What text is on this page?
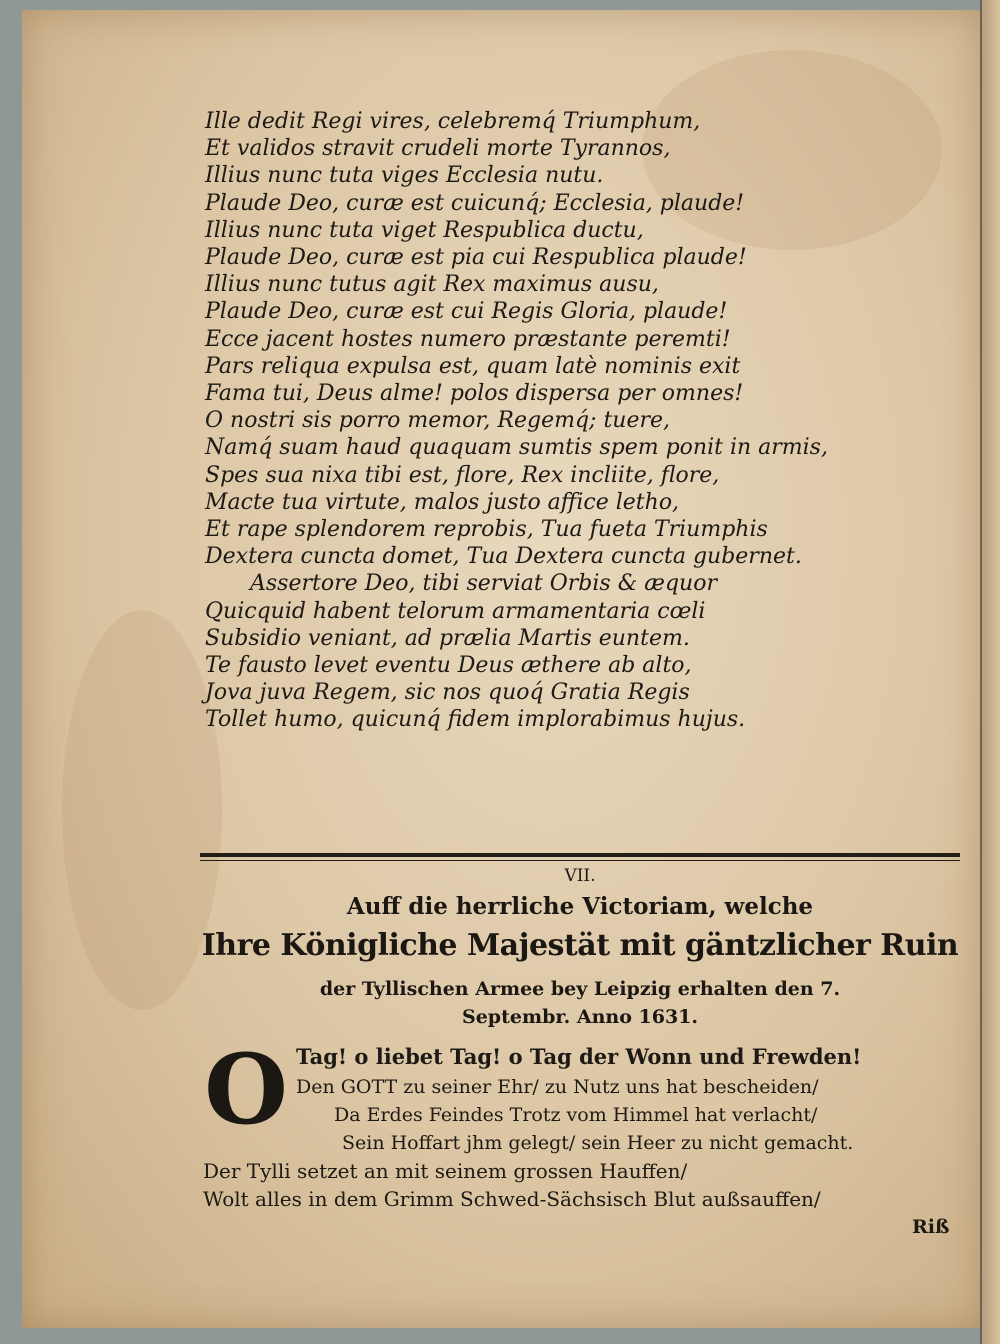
Ille dedit Regi vires, celebremq́ Triumphum,
Et validos stravit crudeli morte Tyrannos,
Illius nunc tuta viges Ecclesia nutu.
Plaude Deo, curæ est cuicunq́; Ecclesia, plaude!
Illius nunc tuta viget Respublica ductu,
Plaude Deo, curæ est pia cui Respublica plaude!
Illius nunc tutus agit Rex maximus ausu,
Plaude Deo, curæ est cui Regis Gloria, plaude!
Ecce jacent hostes numero præstante peremti!
Pars reliqua expulsa est, quam latè nominis exit
Fama tui, Deus alme! polos dispersa per omnes!
O nostri sis porro memor, Regemq́; tuere,
Namq́ suam haud quaquam sumtis spem ponit in armis,
Spes sua nixa tibi est, flore, Rex incliite, flore,
Macte tua virtute, malos justo affice letho,
Et rape splendorem reprobis, Tua fueta Triumphis
Dextera cuncta domet, Tua Dextera cuncta gubernet.
Assertore Deo, tibi serviat Orbis & æquor
Quicquid habent telorum armamentaria cœli
Subsidio veniant, ad prælia Martis euntem.
Te fausto levet eventu Deus æthere ab alto,
Jova juva Regem, sic nos quoq́ Gratia Regis
Tollet humo, quicunq́ fidem implorabimus hujus.
VII.
Auff die herrliche Victoriam, welche
Ihre Königliche Majestät mit gäntzlicher Ruin
der Tyllischen Armee bey Leipzig erhalten den 7.
Septembr. Anno 1631.
O Tag! o liebet Tag! o Tag der Wonn und Frewden!
Den GOTT zu seiner Ehr/ zu Nutz uns hat bescheiden/
Da Erdes Feindes Trotz vom Himmel hat verlacht/
Sein Hoffart jhm gelegt/ sein Heer zu nicht gemacht.
Der Tylli setzet an mit seinem grossen Hauffen/
Wolt alles in dem Grimm Schwed-Sächsisch Blut außsauffen/
Riß
